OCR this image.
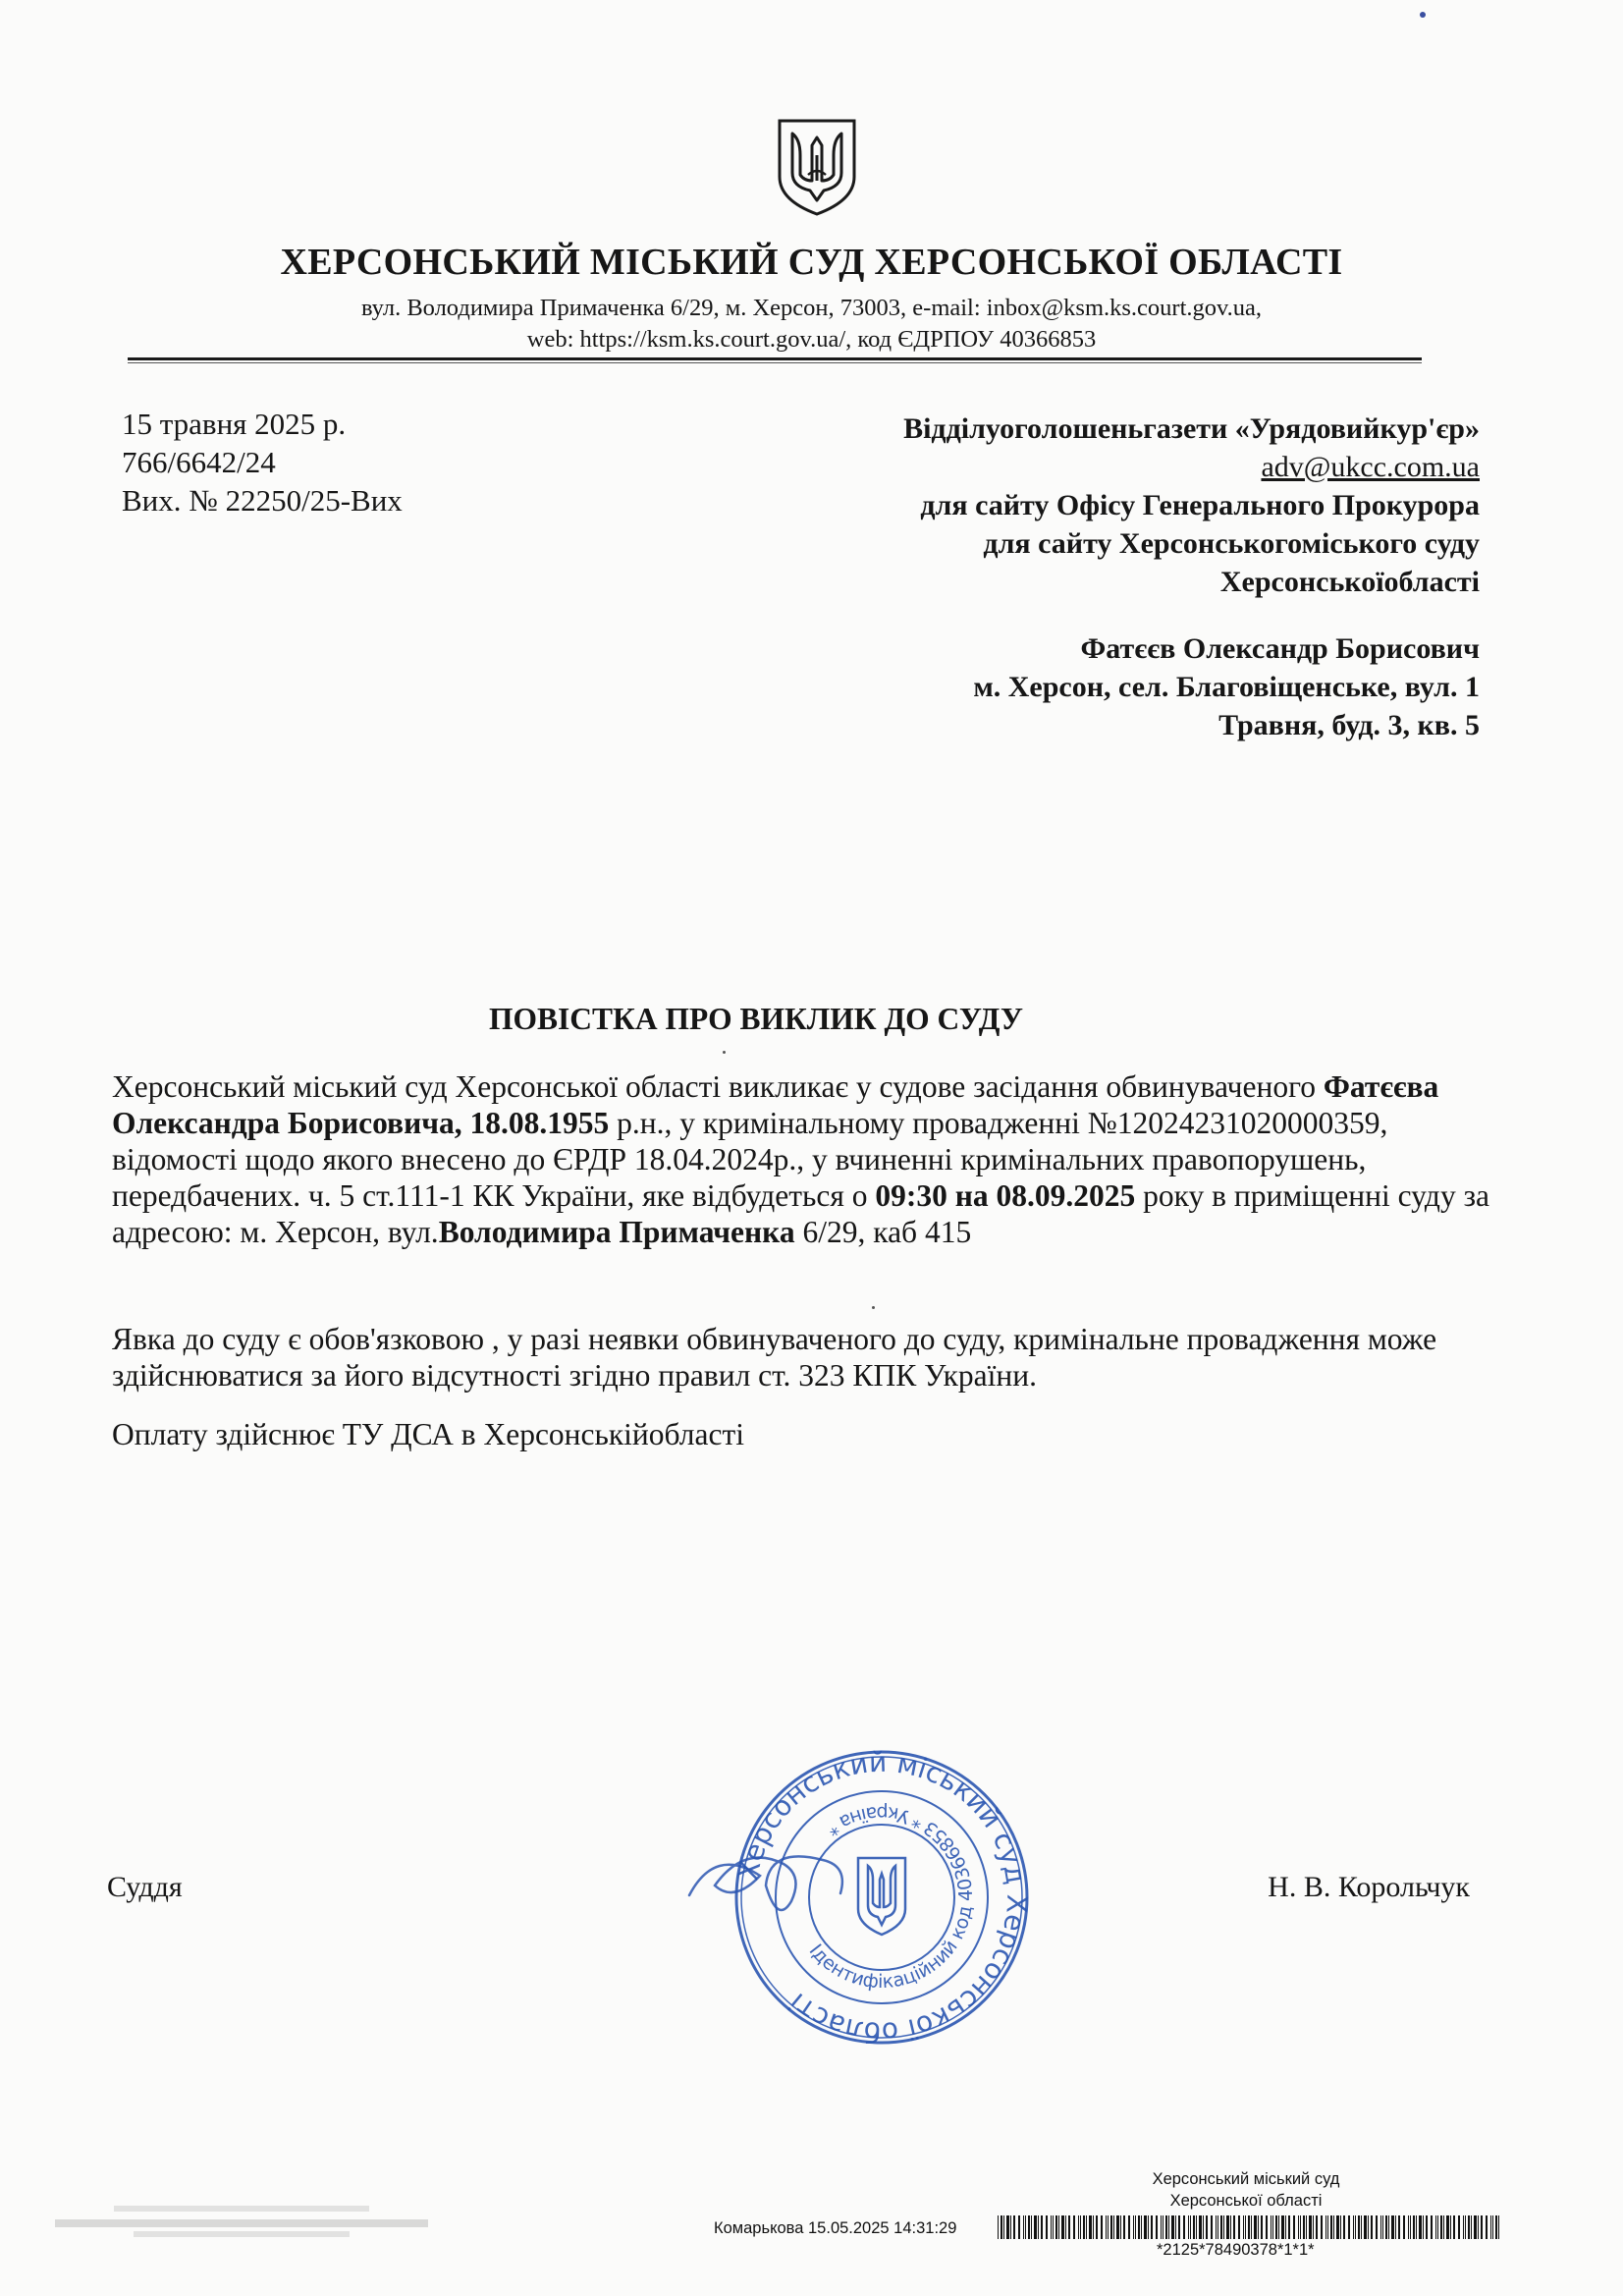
ХЕРСОНСЬКИЙ МІСЬКИЙ СУД ХЕРСОНСЬКОЇ ОБЛАСТІ
вул. Володимира Примаченка 6/29, м. Херсон, 73003, e-mail: inbox@ksm.ks.court.gov.ua,
web: https://ksm.ks.court.gov.ua/, код ЄДРПОУ 40366853
15 травня 2025 р.
766/6642/24
Вих. № 22250/25-Вих
Відділуоголошеньгазети «Урядовийкур'єр»
adv@ukcc.com.ua
для сайту Офісу Генерального Прокурора
для сайту Херсонськогоміського суду
Херсонськоїобласті
Фатєєв Олександр Борисович
м. Херсон, сел. Благовіщенське, вул. 1
Травня, буд. 3, кв. 5
ПОВІСТКА ПРО ВИКЛИК ДО СУДУ
Херсонський міський суд Херсонської області викликає у судове засідання обвинуваченого Фатєєва Олександра Борисовича, 18.08.1955 р.н., у кримінальному провадженні №12024231020000359, відомості щодо якого внесено до ЄРДР 18.04.2024р., у вчиненні кримінальних правопорушень, передбачених. ч. 5 ст.111-1 КК України, яке відбудеться о 09:30 на 08.09.2025 року в приміщенні суду за адресою: м. Херсон, вул.Володимира Примаченка 6/29, каб 415
Явка до суду є обов'язковою , у разі неявки обвинуваченого до суду, кримінальне провадження може здійснюватися за його відсутності згідно правил ст. 323 КПК України.
Оплату здійснює ТУ ДСА в Херсонськійобласті
Суддя	Н. В. Корольчук
Херсонський міський суд Херсонської області
Ідентифікаційний код 40366853 * Україна *
Херсонський міський суд
Херсонської області
Комарькова 15.05.2025 14:31:29
*2125*78490378*1*1*
